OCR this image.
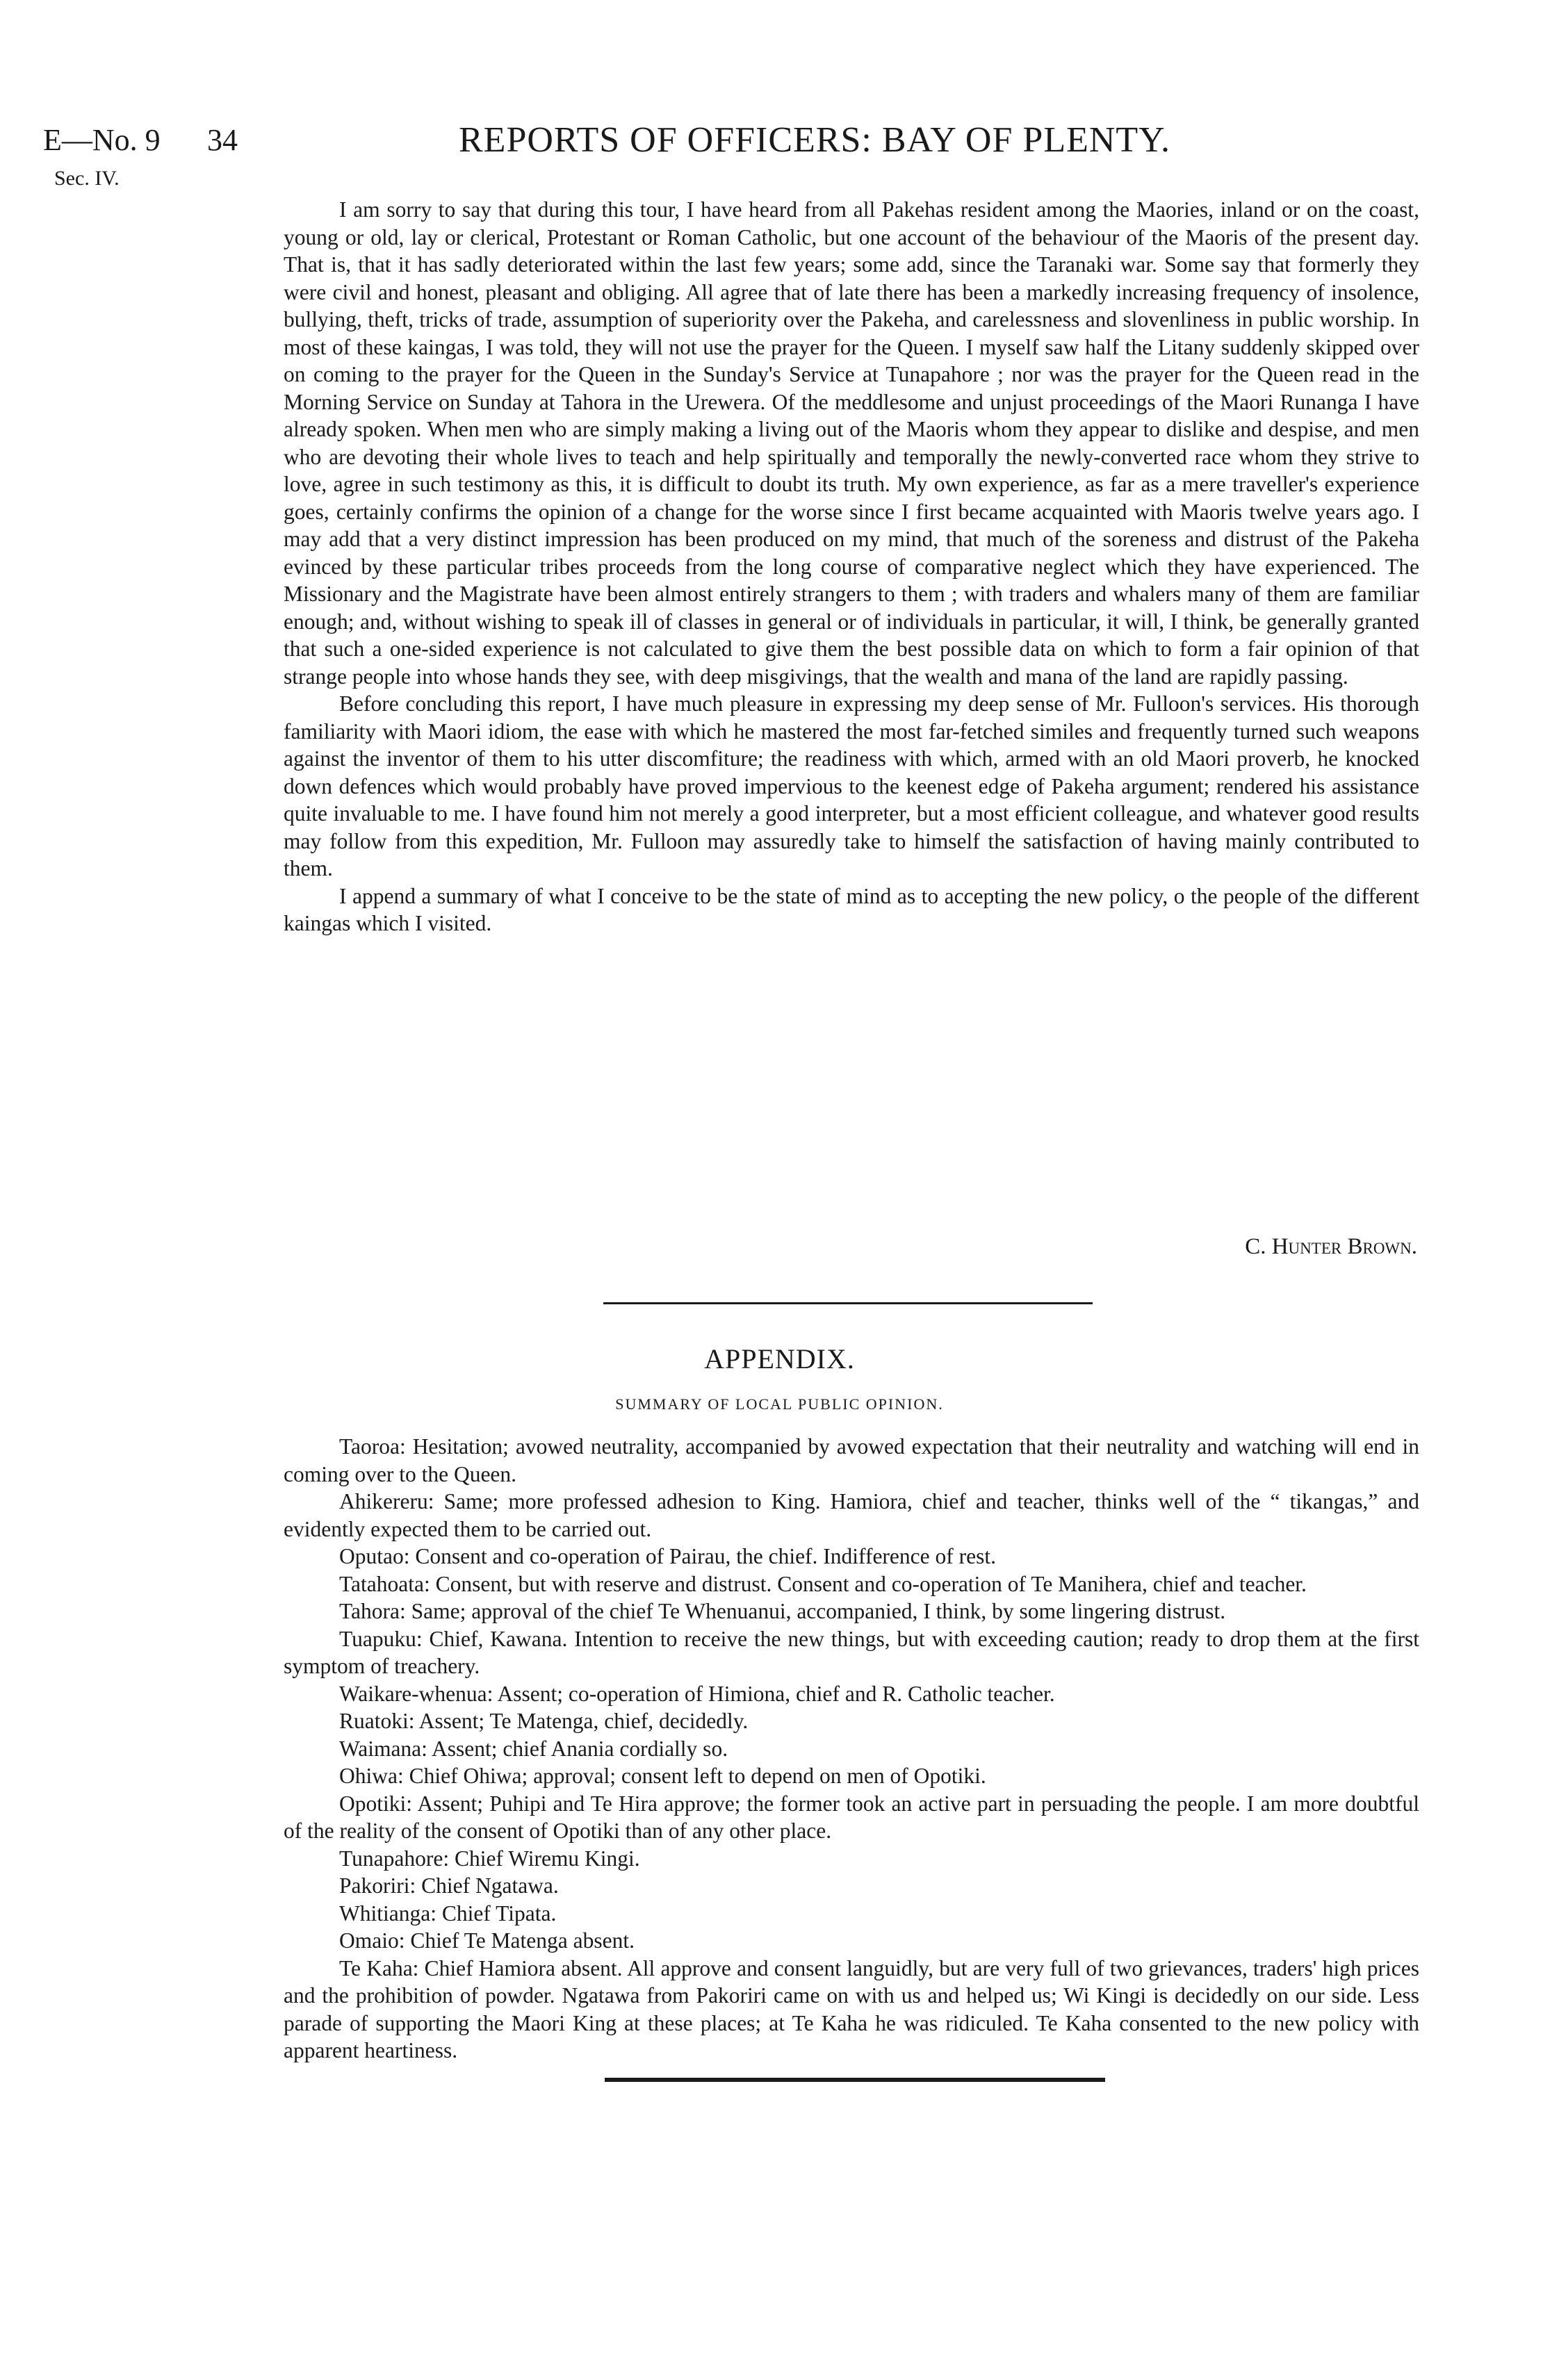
E—No. 9
Sec. IV.
34	REPORTS OF OFFICERS: BAY OF PLENTY.

I am sorry to say that during this tour, I have heard from all Pakehas resident among the Maories, inland or on the coast, young or old, lay or clerical, Protestant or Roman Catholic, but one account of the behaviour of the Maoris of the present day. That is, that it has sadly deteriorated within the last few years; some add, since the Taranaki war. Some say that formerly they were civil and honest, pleasant and obliging. All agree that of late there has been a markedly increasing frequency of insolence, bullying, theft, tricks of trade, assumption of superiority over the Pakeha, and carelessness and slovenliness in public worship. In most of these kaingas, I was told, they will not use the prayer for the Queen. I myself saw half the Litany suddenly skipped over on coming to the prayer for the Queen in the Sunday's Service at Tunapahore ; nor was the prayer for the Queen read in the Morning Service on Sunday at Tahora in the Urewera. Of the meddlesome and unjust proceedings of the Maori Runanga I have already spoken. When men who are simply making a living out of the Maoris whom they appear to dislike and despise, and men who are devoting their whole lives to teach and help spiritually and temporally the newly-converted race whom they strive to love, agree in such testimony as this, it is difficult to doubt its truth. My own experience, as far as a mere traveller's experience goes, certainly confirms the opinion of a change for the worse since I first became acquainted with Maoris twelve years ago. I may add that a very distinct impression has been produced on my mind, that much of the soreness and distrust of the Pakeha evinced by these particular tribes proceeds from the long course of comparative neglect which they have experienced. The Missionary and the Magistrate have been almost entirely strangers to them ; with traders and whalers many of them are familiar enough; and, without wishing to speak ill of classes in general or of individuals in particular, it will, I think, be generally granted that such a one-sided experience is not calculated to give them the best possible data on which to form a fair opinion of that strange people into whose hands they see, with deep misgivings, that the wealth and mana of the land are rapidly passing.

Before concluding this report, I have much pleasure in expressing my deep sense of Mr. Fulloon's services. His thorough familiarity with Maori idiom, the ease with which he mastered the most far-fetched similes and frequently turned such weapons against the inventor of them to his utter discomfiture; the readiness with which, armed with an old Maori proverb, he knocked down defences which would probably have proved impervious to the keenest edge of Pakeha argument; rendered his assistance quite invaluable to me. I have found him not merely a good interpreter, but a most efficient colleague, and whatever good results may follow from this expedition, Mr. Fulloon may assuredly take to himself the satisfaction of having mainly contributed to them.

I append a summary of what I conceive to be the state of mind as to accepting the new policy, o the people of the different kaingas which I visited.

C. Hunter Brown.
APPENDIX.
SUMMARY OF LOCAL PUBLIC OPINION.

Taoroa: Hesitation; avowed neutrality, accompanied by avowed expectation that their neutrality and watching will end in coming over to the Queen.

Ahikereru: Same; more professed adhesion to King. Hamiora, chief and teacher, thinks well of the “ tikangas,” and evidently expected them to be carried out.

Oputao: Consent and co-operation of Pairau, the chief. Indifference of rest.

Tatahoata: Consent, but with reserve and distrust. Consent and co-operation of Te Manihera, chief and teacher.

Tahora: Same; approval of the chief Te Whenuanui, accompanied, I think, by some lingering distrust.

Tuapuku: Chief, Kawana. Intention to receive the new things, but with exceeding caution; ready to drop them at the first symptom of treachery.

Waikare-whenua: Assent; co-operation of Himiona, chief and R. Catholic teacher.

Ruatoki: Assent; Te Matenga, chief, decidedly.

Waimana: Assent; chief Anania cordially so.

Ohiwa: Chief Ohiwa; approval; consent left to depend on men of Opotiki.

Opotiki: Assent; Puhipi and Te Hira approve; the former took an active part in persuading the people. I am more doubtful of the reality of the consent of Opotiki than of any other place.

Tunapahore: Chief Wiremu Kingi.

Pakoriri: Chief Ngatawa.

Whitianga: Chief Tipata.

Omaio: Chief Te Matenga absent.

Te Kaha: Chief Hamiora absent. All approve and consent languidly, but are very full of two grievances, traders' high prices and the prohibition of powder. Ngatawa from Pakoriri came on with us and helped us; Wi Kingi is decidedly on our side. Less parade of supporting the Maori King at these places; at Te Kaha he was ridiculed. Te Kaha consented to the new policy with apparent heartiness.
